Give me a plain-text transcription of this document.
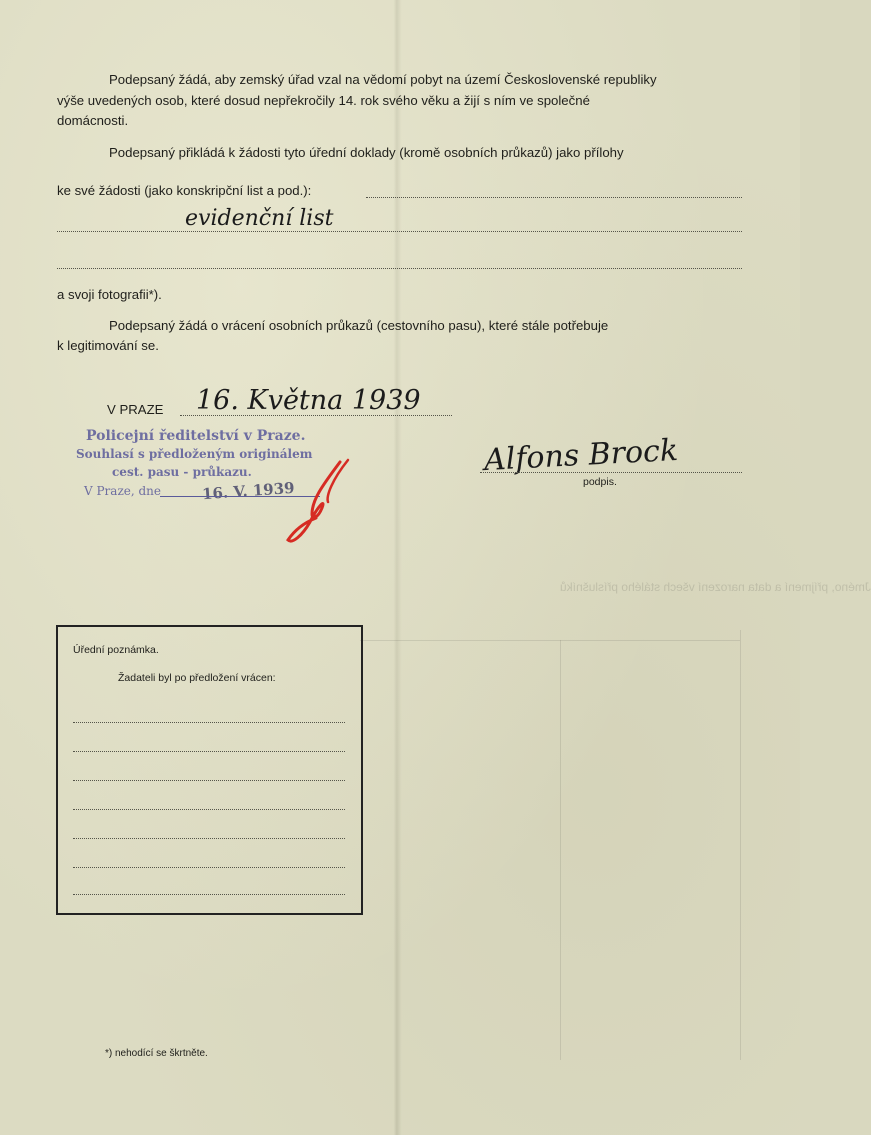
Jméno, příjmení a data narození všech stálého příslušníků
Podepsaný žádá, aby zemský úřad vzal na vědomí pobyt na území Československé republiky
výše uvedených osob, které dosud nepřekročily 14. rok svého věku a žijí s ním ve společné
domácnosti.
Podepsaný přikládá k žádosti tyto úřední doklady (kromě osobních průkazů) jako přílohy
ke své žádosti (jako konskripční list a pod.):
evidenční list
a svoji fotografii*).
Podepsaný žádá o vrácení osobních průkazů (cestovního pasu), které stále potřebuje
k legitimování se.
V PRAZE 16. Května 1939
Policejní ředitelství v Praze.
Souhlasí s předloženým originálem
cest. pasu - průkazu.
V Praze, dne	16. V. 1939
Alfons Brock
podpis.
Úřední poznámka.
Žadateli byl po předložení vrácen:
*) nehodící se škrtněte.
